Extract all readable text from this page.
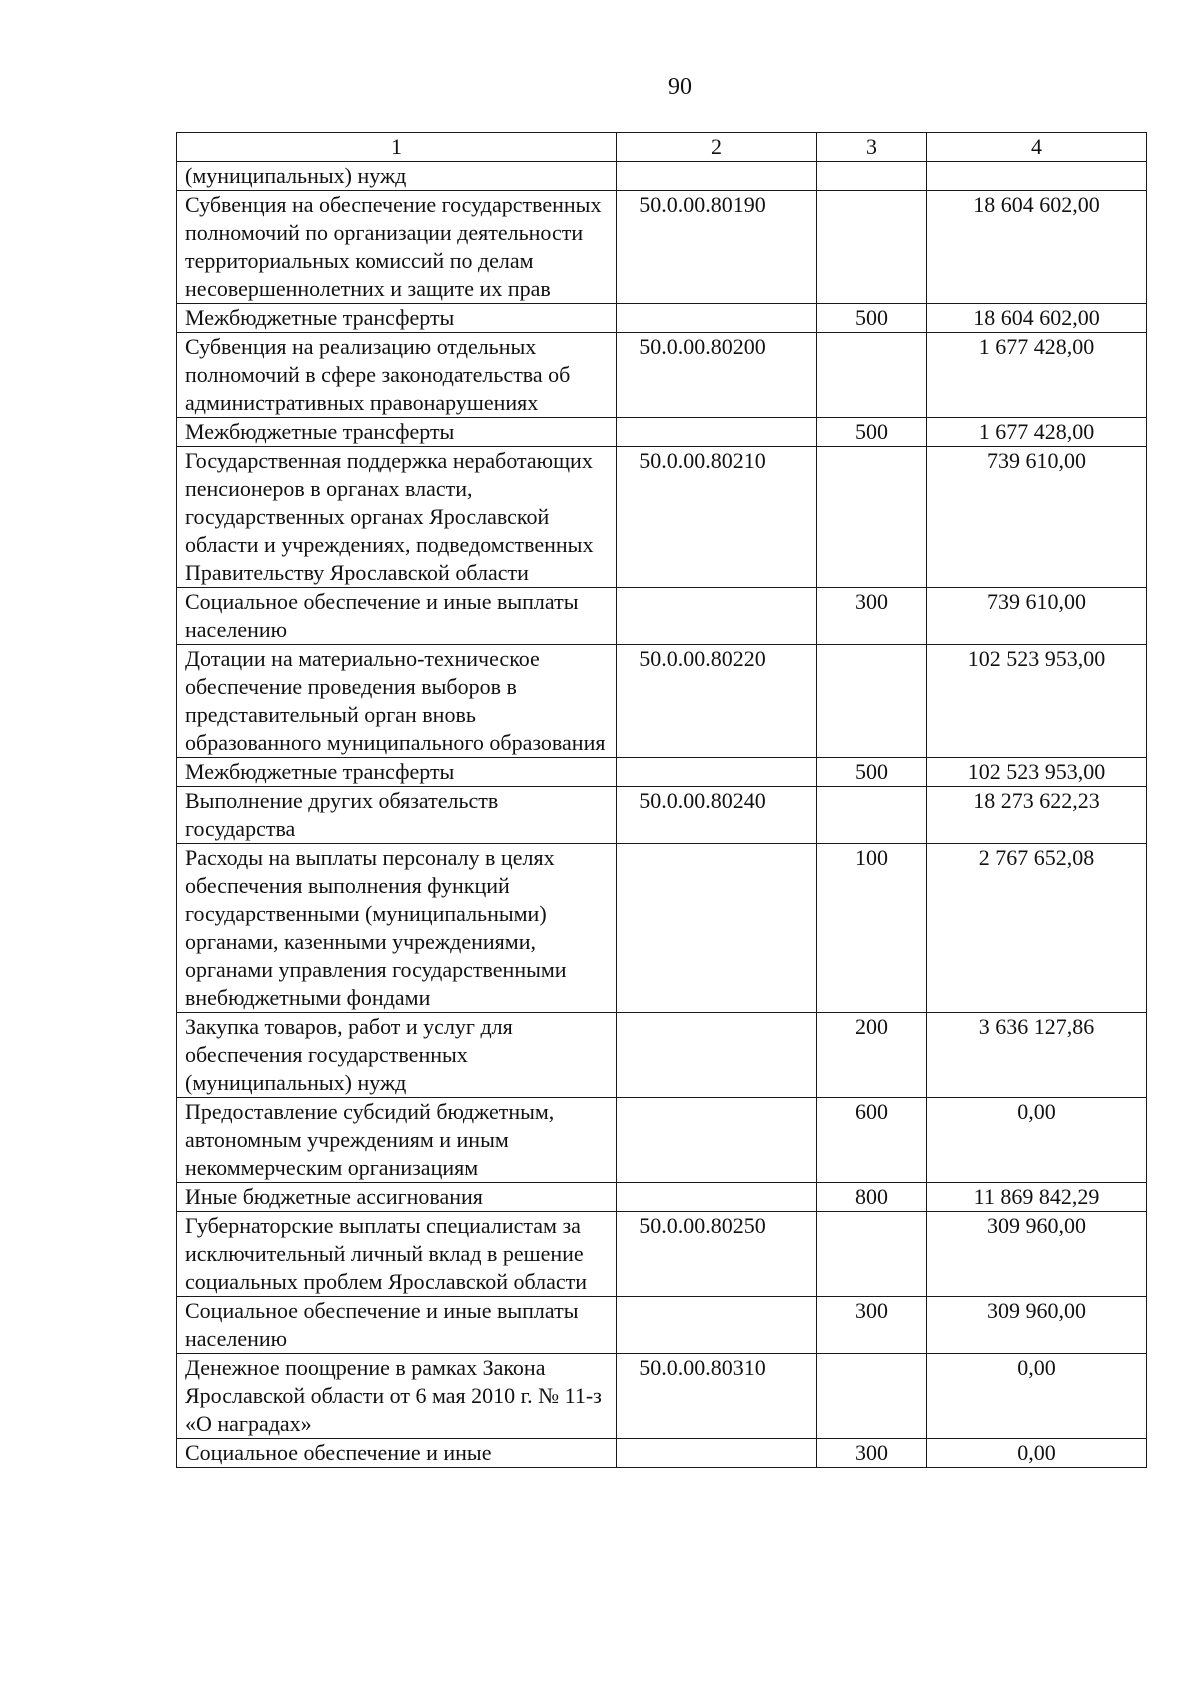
90
1	2	3	4
(муниципальных) нужд			
Субвенция на обеспечение государственных полномочий по организации деятельности территориальных комиссий по делам несовершеннолетних и защите их прав	50.0.00.80190		18 604 602,00
Межбюджетные трансферты		500	18 604 602,00
Субвенция на реализацию отдельных полномочий в сфере законодательства об административных правонарушениях	50.0.00.80200		1 677 428,00
Межбюджетные трансферты		500	1 677 428,00
Государственная поддержка неработающих пенсионеров в органах власти, государственных органах Ярославской области и учреждениях, подведомственных Правительству Ярославской области	50.0.00.80210		739 610,00
Социальное обеспечение и иные выплаты населению		300	739 610,00
Дотации на материально-техническое обеспечение проведения выборов в представительный орган вновь образованного муниципального образования	50.0.00.80220		102 523 953,00
Межбюджетные трансферты		500	102 523 953,00
Выполнение других обязательств государства	50.0.00.80240		18 273 622,23
Расходы на выплаты персоналу в целях обеспечения выполнения функций государственными (муниципальными) органами, казенными учреждениями, органами управления государственными внебюджетными фондами		100	2 767 652,08
Закупка товаров, работ и услуг для обеспечения государственных (муниципальных) нужд		200	3 636 127,86
Предоставление субсидий бюджетным, автономным учреждениям и иным некоммерческим организациям		600	0,00
Иные бюджетные ассигнования		800	11 869 842,29
Губернаторские выплаты специалистам за исключительный личный вклад в решение социальных проблем Ярославской области	50.0.00.80250		309 960,00
Социальное обеспечение и иные выплаты населению		300	309 960,00
Денежное поощрение в рамках Закона Ярославской области от 6 мая 2010 г. № 11-з «О наградах»	50.0.00.80310		0,00
Социальное обеспечение и иные		300	0,00
